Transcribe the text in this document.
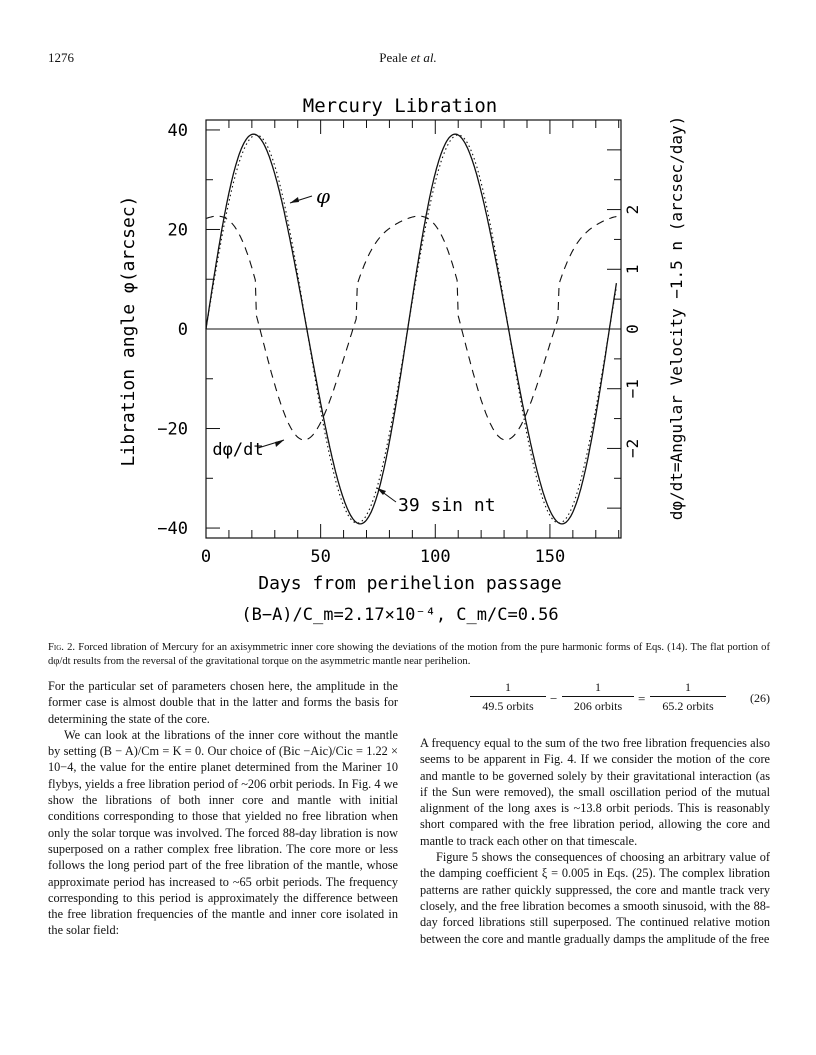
1276	Peale et al.
0	50	100	150
40
20
0
−20
−40
2
1
0
−1
−2
φ
dφ/dt
39 sin nt
Mercury Libration
Days from perihelion passage
Libration angle φ(arcsec)	dφ/dt=Angular Velocity −1.5 n (arcsec/day)
(B−A)/C_m=2.17×10⁻⁴, C_m/C=0.56
Fig. 2. Forced libration of Mercury for an axisymmetric inner core showing the deviations of the motion from the pure harmonic forms of Eqs. (14). The flat portion of dφ/dt results from the reversal of the gravitational torque on the asymmetric mantle near perihelion.

For the particular set of parameters chosen here, the amplitude in the former case is almost double that in the latter and forms the basis for determining the state of the core.

We can look at the librations of the inner core without the mantle by setting (B − A)/Cm = K = 0. Our choice of (Bic −Aic)/Cic = 1.22 × 10−4, the value for the entire planet determined from the Mariner 10 flybys, yields a free libration period of ~206 orbit periods. In Fig. 4 we show the librations of both inner core and mantle with initial conditions corresponding to those that yielded no free libration when only the solar torque was involved. The forced 88-day libration is now superposed on a rather complex free libration. The core more or less follows the long period part of the free libration of the mantle, whose approximate period has increased to ~65 orbit periods. The frequency corresponding to this period is approximately the difference between the free libration frequencies of the mantle and inner core isolated in the solar field:

1
49.5 orbits	−
1
206 orbits	=
1
65.2 orbits
(26)

A frequency equal to the sum of the two free libration frequencies also seems to be apparent in Fig. 4. If we consider the motion of the core and mantle to be governed solely by their gravitational interaction (as if the Sun were removed), the small oscillation period of the mutual alignment of the long axes is ~13.8 orbit periods. This is reasonably short compared with the free libration period, allowing the core and mantle to track each other on that timescale.

Figure 5 shows the consequences of choosing an arbitrary value of the damping coefficient ξ = 0.005 in Eqs. (25). The complex libration patterns are rather quickly suppressed, the core and mantle track very closely, and the free libration becomes a smooth sinusoid, with the 88-day forced librations still superposed. The continued relative motion between the core and mantle gradually damps the amplitude of the free
